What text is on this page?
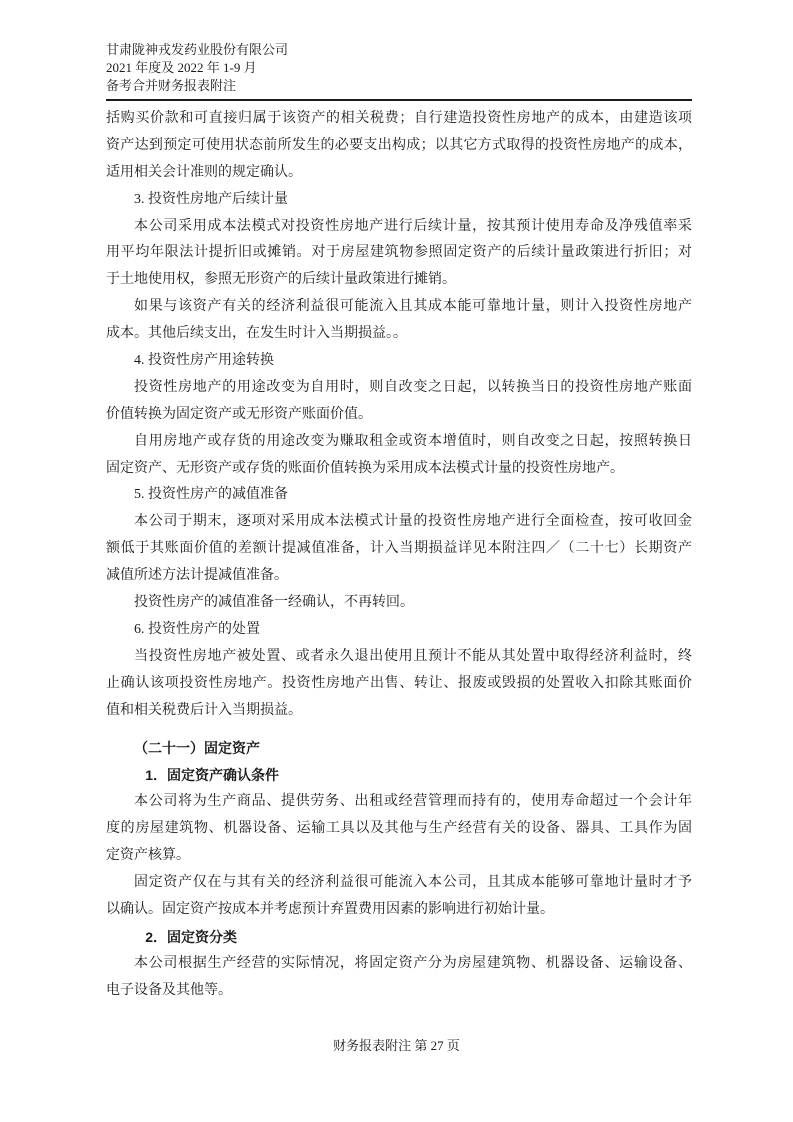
甘肃陇神戎发药业股份有限公司
2021 年度及 2022 年 1-9 月
备考合并财务报表附注
括购买价款和可直接归属于该资产的相关税费；自行建造投资性房地产的成本，由建造该项
资产达到预定可使用状态前所发生的必要支出构成；以其它方式取得的投资性房地产的成本，
适用相关会计准则的规定确认。
3. 投资性房地产后续计量
本公司采用成本法模式对投资性房地产进行后续计量，按其预计使用寿命及净残值率采
用平均年限法计提折旧或摊销。对于房屋建筑物参照固定资产的后续计量政策进行折旧；对
于土地使用权，参照无形资产的后续计量政策进行摊销。
如果与该资产有关的经济利益很可能流入且其成本能可靠地计量，则计入投资性房地产
成本。其他后续支出，在发生时计入当期损益。。
4. 投资性房产用途转换
投资性房地产的用途改变为自用时，则自改变之日起，以转换当日的投资性房地产账面
价值转换为固定资产或无形资产账面价值。
自用房地产或存货的用途改变为赚取租金或资本增值时，则自改变之日起，按照转换日
固定资产、无形资产或存货的账面价值转换为采用成本法模式计量的投资性房地产。
5. 投资性房产的减值准备
本公司于期末，逐项对采用成本法模式计量的投资性房地产进行全面检查，按可收回金
额低于其账面价值的差额计提减值准备，计入当期损益详见本附注四／（二十七）长期资产
减值所述方法计提减值准备。
投资性房产的减值准备一经确认，不再转回。
6. 投资性房产的处置
当投资性房地产被处置、或者永久退出使用且预计不能从其处置中取得经济利益时，终
止确认该项投资性房地产。投资性房地产出售、转让、报废或毁损的处置收入扣除其账面价
值和相关税费后计入当期损益。
（二十一）固定资产
1．固定资产确认条件
本公司将为生产商品、提供劳务、出租或经营管理而持有的，使用寿命超过一个会计年
度的房屋建筑物、机器设备、运输工具以及其他与生产经营有关的设备、器具、工具作为固
定资产核算。
固定资产仅在与其有关的经济利益很可能流入本公司，且其成本能够可靠地计量时才予
以确认。固定资产按成本并考虑预计弃置费用因素的影响进行初始计量。
2．固定资分类
本公司根据生产经营的实际情况，将固定资产分为房屋建筑物、机器设备、运输设备、
电子设备及其他等。
财务报表附注 第 27 页
